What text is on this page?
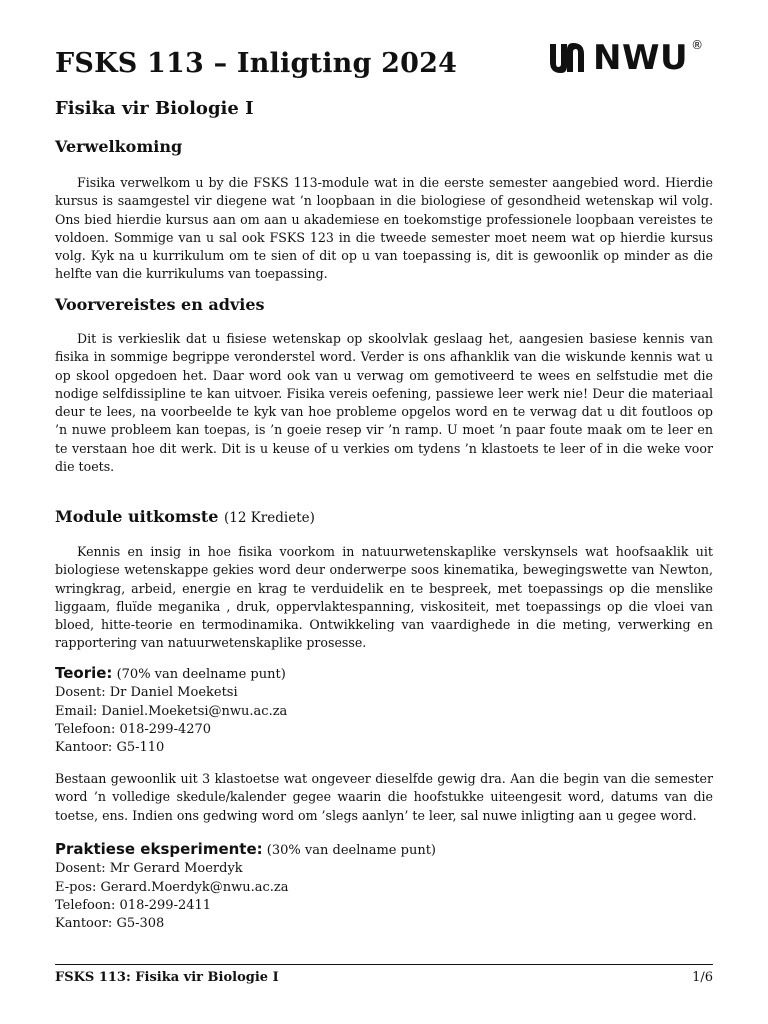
FSKS 113 – Inligting 2024	NWU ®
Fisika vir Biologie I
Verwelkoming

Fisika verwelkom u by die FSKS 113-module wat in die eerste semester aangebied word. Hierdie kursus is saamgestel vir diegene wat ’n loopbaan in die biologiese of gesondheid wetenskap wil volg. Ons bied hierdie kursus aan om aan u akademiese en toekomstige professionele loopbaan vereistes te voldoen. Sommige van u sal ook FSKS 123 in die tweede semester moet neem wat op hierdie kursus volg. Kyk na u kurrikulum om te sien of dit op u van toepassing is, dit is gewoonlik op minder as die helfte van die kurrikulums van toepassing.

Voorvereistes en advies

Dit is verkieslik dat u fisiese wetenskap op skoolvlak geslaag het, aangesien basiese kennis van fisika in sommige begrippe veronderstel word. Verder is ons afhanklik van die wiskunde kennis wat u op skool opgedoen het. Daar word ook van u verwag om gemotiveerd te wees en selfstudie met die nodige selfdissipline te kan uitvoer. Fisika vereis oefening, passiewe leer werk nie! Deur die materiaal deur te lees, na voorbeelde te kyk van hoe probleme opgelos word en te verwag dat u dit foutloos op ’n nuwe probleem kan toepas, is ’n goeie resep vir ’n ramp. U moet ’n paar foute maak om te leer en te verstaan hoe dit werk. Dit is u keuse of u verkies om tydens ’n klastoets te leer of in die weke voor die toets.

Module uitkomste (12 Krediete)

Kennis en insig in hoe fisika voorkom in natuurwetenskaplike verskynsels wat hoofsaaklik uit biologiese wetenskappe gekies word deur onderwerpe soos kinematika, bewegingswette van Newton, wringkrag, arbeid, energie en krag te verduidelik en te bespreek, met toepassings op die menslike liggaam, fluïde meganika , druk, oppervlaktespanning, viskositeit, met toepassings op die vloei van bloed, hitte-teorie en termodinamika. Ontwikkeling van vaardighede in die meting, verwerking en rapportering van natuurwetenskaplike prosesse.

Teorie: (70% van deelname punt)
Dosent: Dr Daniel Moeketsi
Email: Daniel.Moeketsi@nwu.ac.za
Telefoon: 018-299-4270
Kantoor: G5-110

Bestaan gewoonlik uit 3 klastoetse wat ongeveer dieselfde gewig dra. Aan die begin van die semester word ’n volledige skedule/kalender gegee waarin die hoofstukke uiteengesit word, datums van die toetse, ens. Indien ons gedwing word om ’slegs aanlyn’ te leer, sal nuwe inligting aan u gegee word.

Praktiese eksperimente: (30% van deelname punt)
Dosent: Mr Gerard Moerdyk
E-pos: Gerard.Moerdyk@nwu.ac.za
Telefoon: 018-299-2411
Kantoor: G5-308
FSKS 113: Fisika vir Biologie I	1/6
